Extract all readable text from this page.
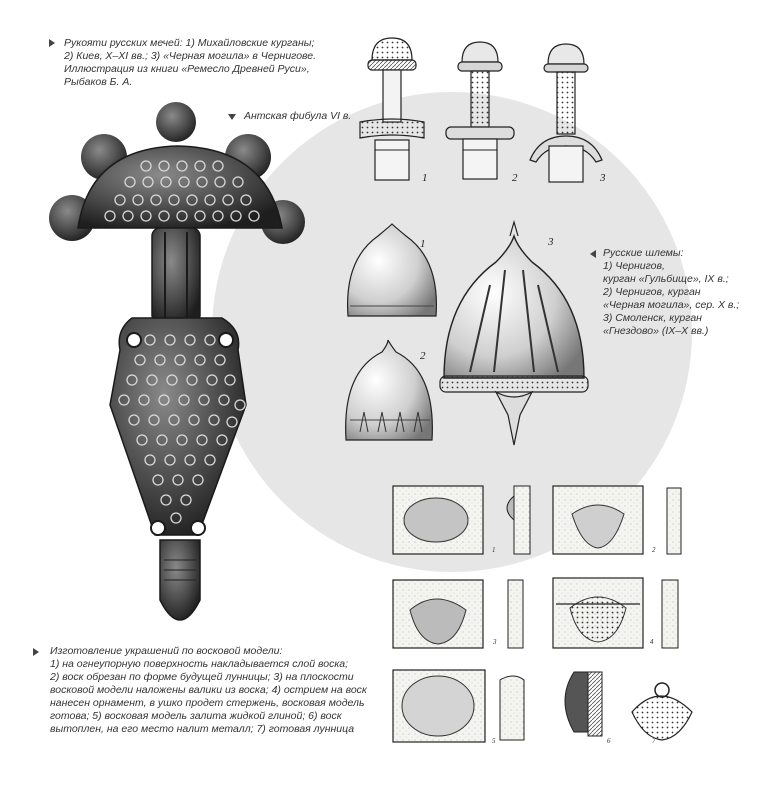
Рукояти русских мечей: 1) Михайловские курганы;
2) Киев, X–XI вв.; 3) «Черная могила» в Чернигове.
Иллюстрация из книги «Ремесло Древней Руси»,
Рыбаков Б. А.
Антская фибула VI в.
Русские шлемы:
1) Чернигов,
курган «Гульбище», IX в.;
2) Чернигов, курган
«Черная могила», сер. X в.;
3) Смоленск, курган
«Гнездово» (IX–X вв.)
Изготовление украшений по восковой модели:
1) на огнеупорную поверхность накладывается слой воска;
2) воск обрезан по форме будущей лунницы; 3) на плоскости
восковой модели наложены валики из воска; 4) острием на воск
нанесен орнамент, в ушко продет стержень, восковая модель
готова; 5) восковая модель залита жидкой глиной; 6) воск
вытоплен, на его место налит металл; 7) готовая лунница
1	2	3
1
2
3
1	2
3	4
5	6	7
